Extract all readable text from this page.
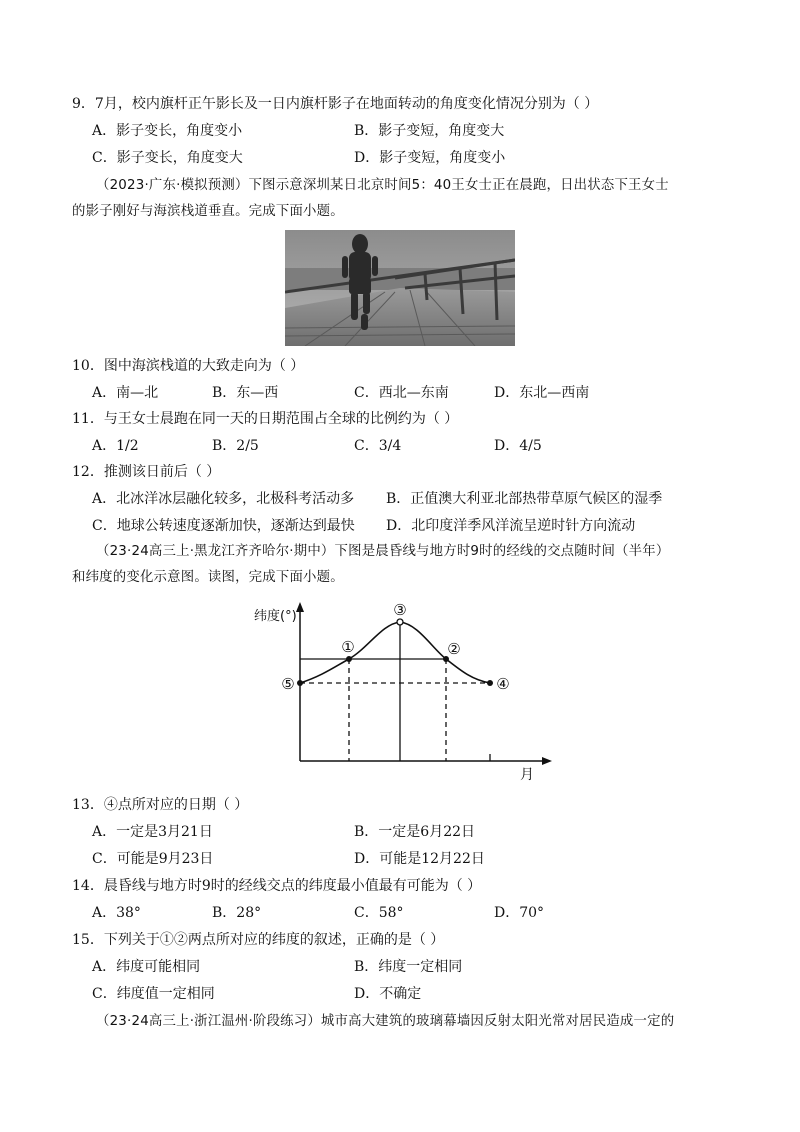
9．7月，校内旗杆正午影长及一日内旗杆影子在地面转动的角度变化情况分别为（ ）
A．影子变长，角度变小	B．影子变短，角度变大
C．影子变长，角度变大	D．影子变短，角度变小
（2023·广东·模拟预测）下图示意深圳某日北京时间5：40王女士正在晨跑，日出状态下王女士
的影子刚好与海滨栈道垂直。完成下面小题。
10．图中海滨栈道的大致走向为（ ）
A．南—北	B．东—西	C．西北—东南	D．东北—西南
11．与王女士晨跑在同一天的日期范围占全球的比例约为（ ）
A．1/2	B．2/5	C．3/4	D．4/5
12．推测该日前后（ ）
A．北冰洋冰层融化较多，北极科考活动多 B．正值澳大利亚北部热带草原气候区的湿季
C．地球公转速度逐渐加快，逐渐达到最快 D．北印度洋季风洋流呈逆时针方向流动
（23·24高三上·黑龙江齐齐哈尔·期中）下图是晨昏线与地方时9时的经线的交点随时间（半年）
和纬度的变化示意图。读图，完成下面小题。
纬度(°)
月
①	②
③
④
⑤
13．④点所对应的日期（ ）
A．一定是3月21日	B．一定是6月22日
C．可能是9月23日	D．可能是12月22日
14．晨昏线与地方时9时的经线交点的纬度最小值最有可能为（ ）
A．38°	B．28°	C．58°	D．70°
15．下列关于①②两点所对应的纬度的叙述，正确的是（ ）
A．纬度可能相同	B．纬度一定相同
C．纬度值一定相同	D．不确定
（23·24高三上·浙江温州·阶段练习）城市高大建筑的玻璃幕墙因反射太阳光常对居民造成一定的
